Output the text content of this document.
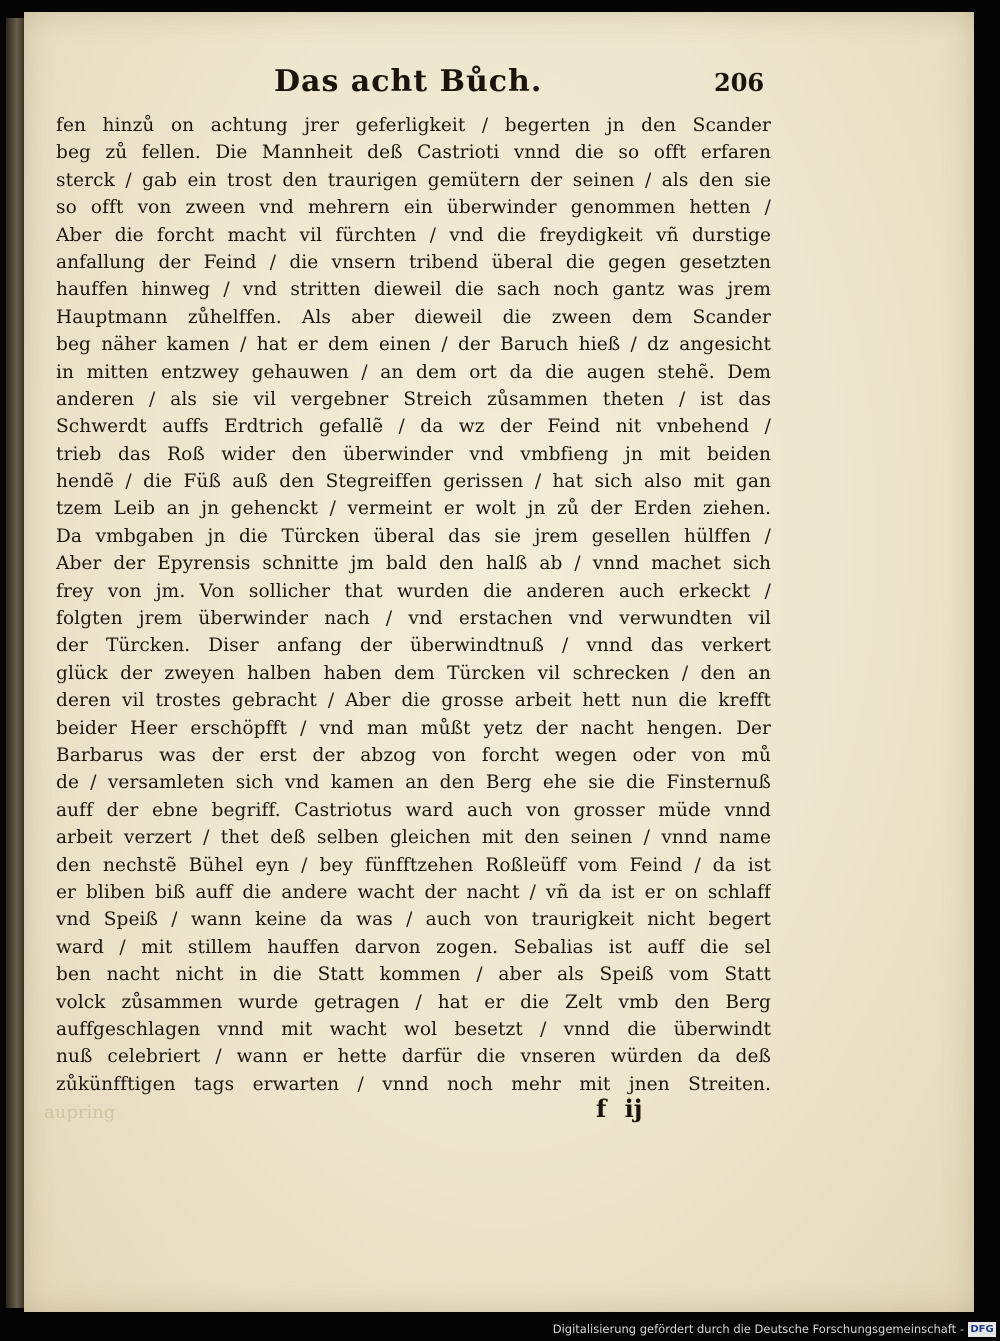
Das acht Bůch.	206
fen hinzů on achtung jrer geferligkeit / begerten jn den Scander
beg zů fellen. Die Mannheit deß Castrioti vnnd die so offt erfaren
sterck / gab ein trost den traurigen gemütern der seinen / als den sie
so offt von zween vnd mehrern ein überwinder genommen hetten /
Aber die forcht macht vil fürchten / vnd die freydigkeit vñ durstige
anfallung der Feind / die vnsern tribend überal die gegen gesetzten
hauffen hinweg / vnd stritten dieweil die sach noch gantz was jrem
Hauptmann zůhelffen. Als aber dieweil die zween dem Scander
beg näher kamen / hat er dem einen / der Baruch hieß / dz angesicht
in mitten entzwey gehauwen / an dem ort da die augen stehẽ. Dem
anderen / als sie vil vergebner Streich zůsammen theten / ist das
Schwerdt auffs Erdtrich gefallẽ / da wz der Feind nit vnbehend /
trieb das Roß wider den überwinder vnd vmbfieng jn mit beiden
hendẽ / die Füß auß den Stegreiffen gerissen / hat sich also mit gan
tzem Leib an jn gehenckt / vermeint er wolt jn zů der Erden ziehen.
Da vmbgaben jn die Türcken überal das sie jrem gesellen hülffen /
Aber der Epyrensis schnitte jm bald den halß ab / vnnd machet sich
frey von jm. Von sollicher that wurden die anderen auch erkeckt /
folgten jrem überwinder nach / vnd erstachen vnd verwundten vil
der Türcken. Diser anfang der überwindtnuß / vnnd das verkert
glück der zweyen halben haben dem Türcken vil schrecken / den an
deren vil trostes gebracht / Aber die grosse arbeit hett nun die krefft
beider Heer erschöpfft / vnd man můßt yetz der nacht hengen. Der
Barbarus was der erst der abzog von forcht wegen oder von mů
de / versamleten sich vnd kamen an den Berg ehe sie die Finsternuß
auff der ebne begriff. Castriotus ward auch von grosser müde vnnd
arbeit verzert / thet deß selben gleichen mit den seinen / vnnd name
den nechstẽ Bühel eyn / bey fünfftzehen Roßleüff vom Feind / da ist
er bliben biß auff die andere wacht der nacht / vñ da ist er on schlaff
vnd Speiß / wann keine da was / auch von traurigkeit nicht begert
ward / mit stillem hauffen darvon zogen. Sebalias ist auff die sel
ben nacht nicht in die Statt kommen / aber als Speiß vom Statt
volck zůsammen wurde getragen / hat er die Zelt vmb den Berg
auffgeschlagen vnnd mit wacht wol besetzt / vnnd die überwindt
nuß celebriert / wann er hette darfür die vnseren würden da deß
zůkünfftigen tags erwarten / vnnd noch mehr mit jnen Streiten.
aupring	f ij
Digitalisierung gefördert durch die Deutsche Forschungsgemeinschaft - DFG
